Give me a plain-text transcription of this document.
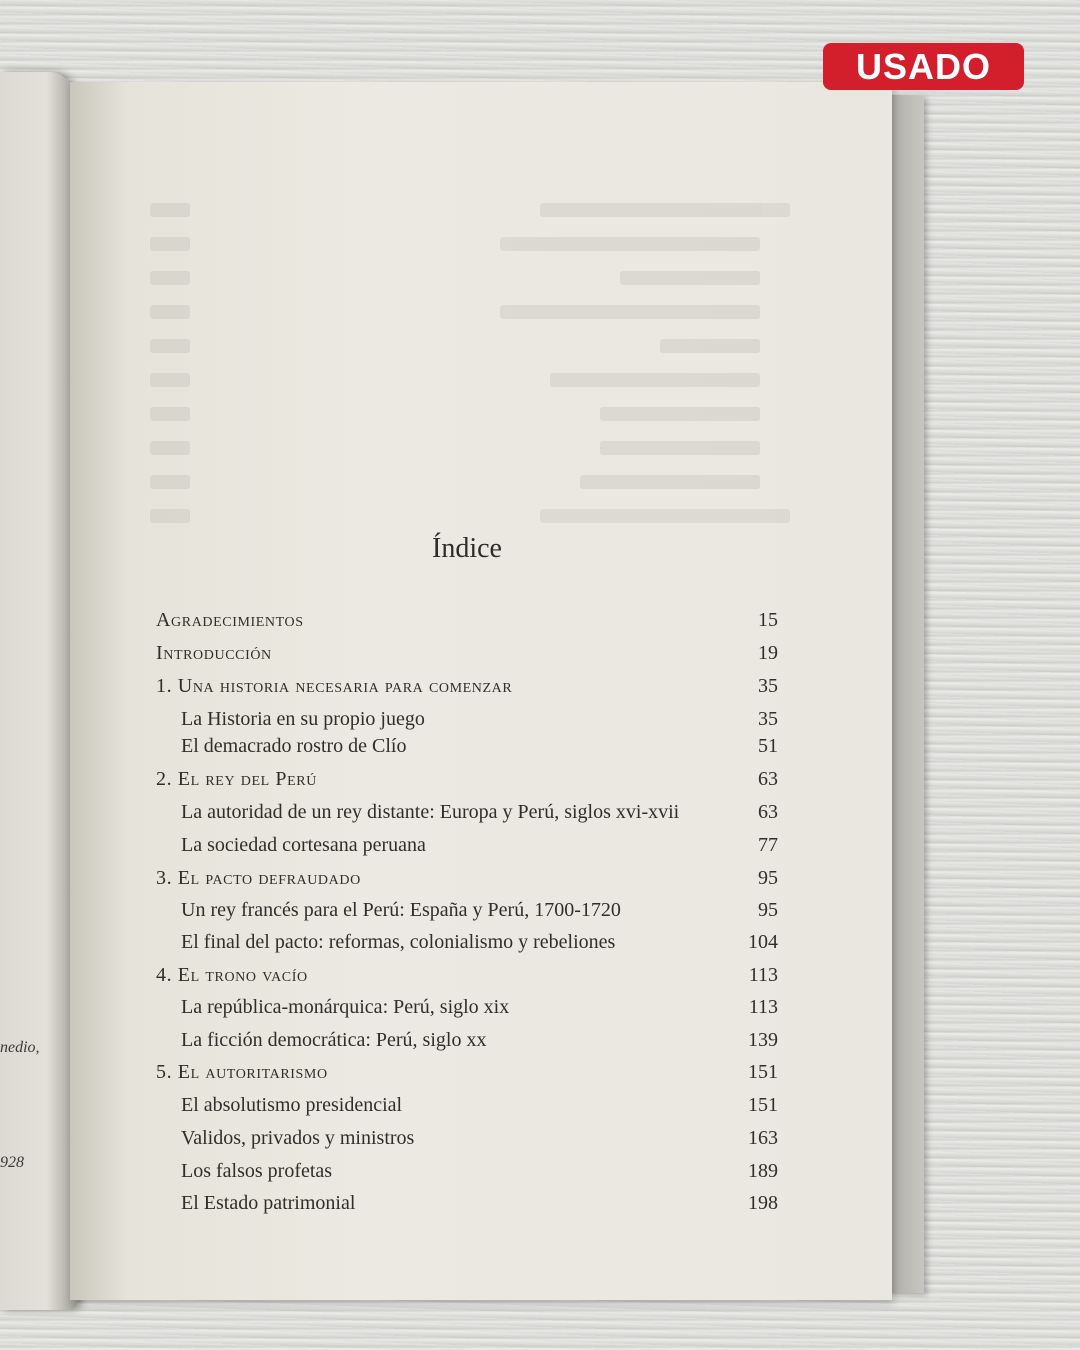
nedio,
928
Índice
Agradecimientos	15
Introducción	19
1. Una historia necesaria para comenzar	35
La Historia en su propio juego	35
El demacrado rostro de Clío	51
2. El rey del Perú	63
La autoridad de un rey distante: Europa y Perú, siglos xvi-xvii	63
La sociedad cortesana peruana	77
3. El pacto defraudado	95
Un rey francés para el Perú: España y Perú, 1700-1720	95
El final del pacto: reformas, colonialismo y rebeliones	104
4. El trono vacío	113
La república-monárquica: Perú, siglo xix	113
La ficción democrática: Perú, siglo xx	139
5. El autoritarismo	151
El absolutismo presidencial	151
Validos, privados y ministros	163
Los falsos profetas	189
El Estado patrimonial	198
USADO
